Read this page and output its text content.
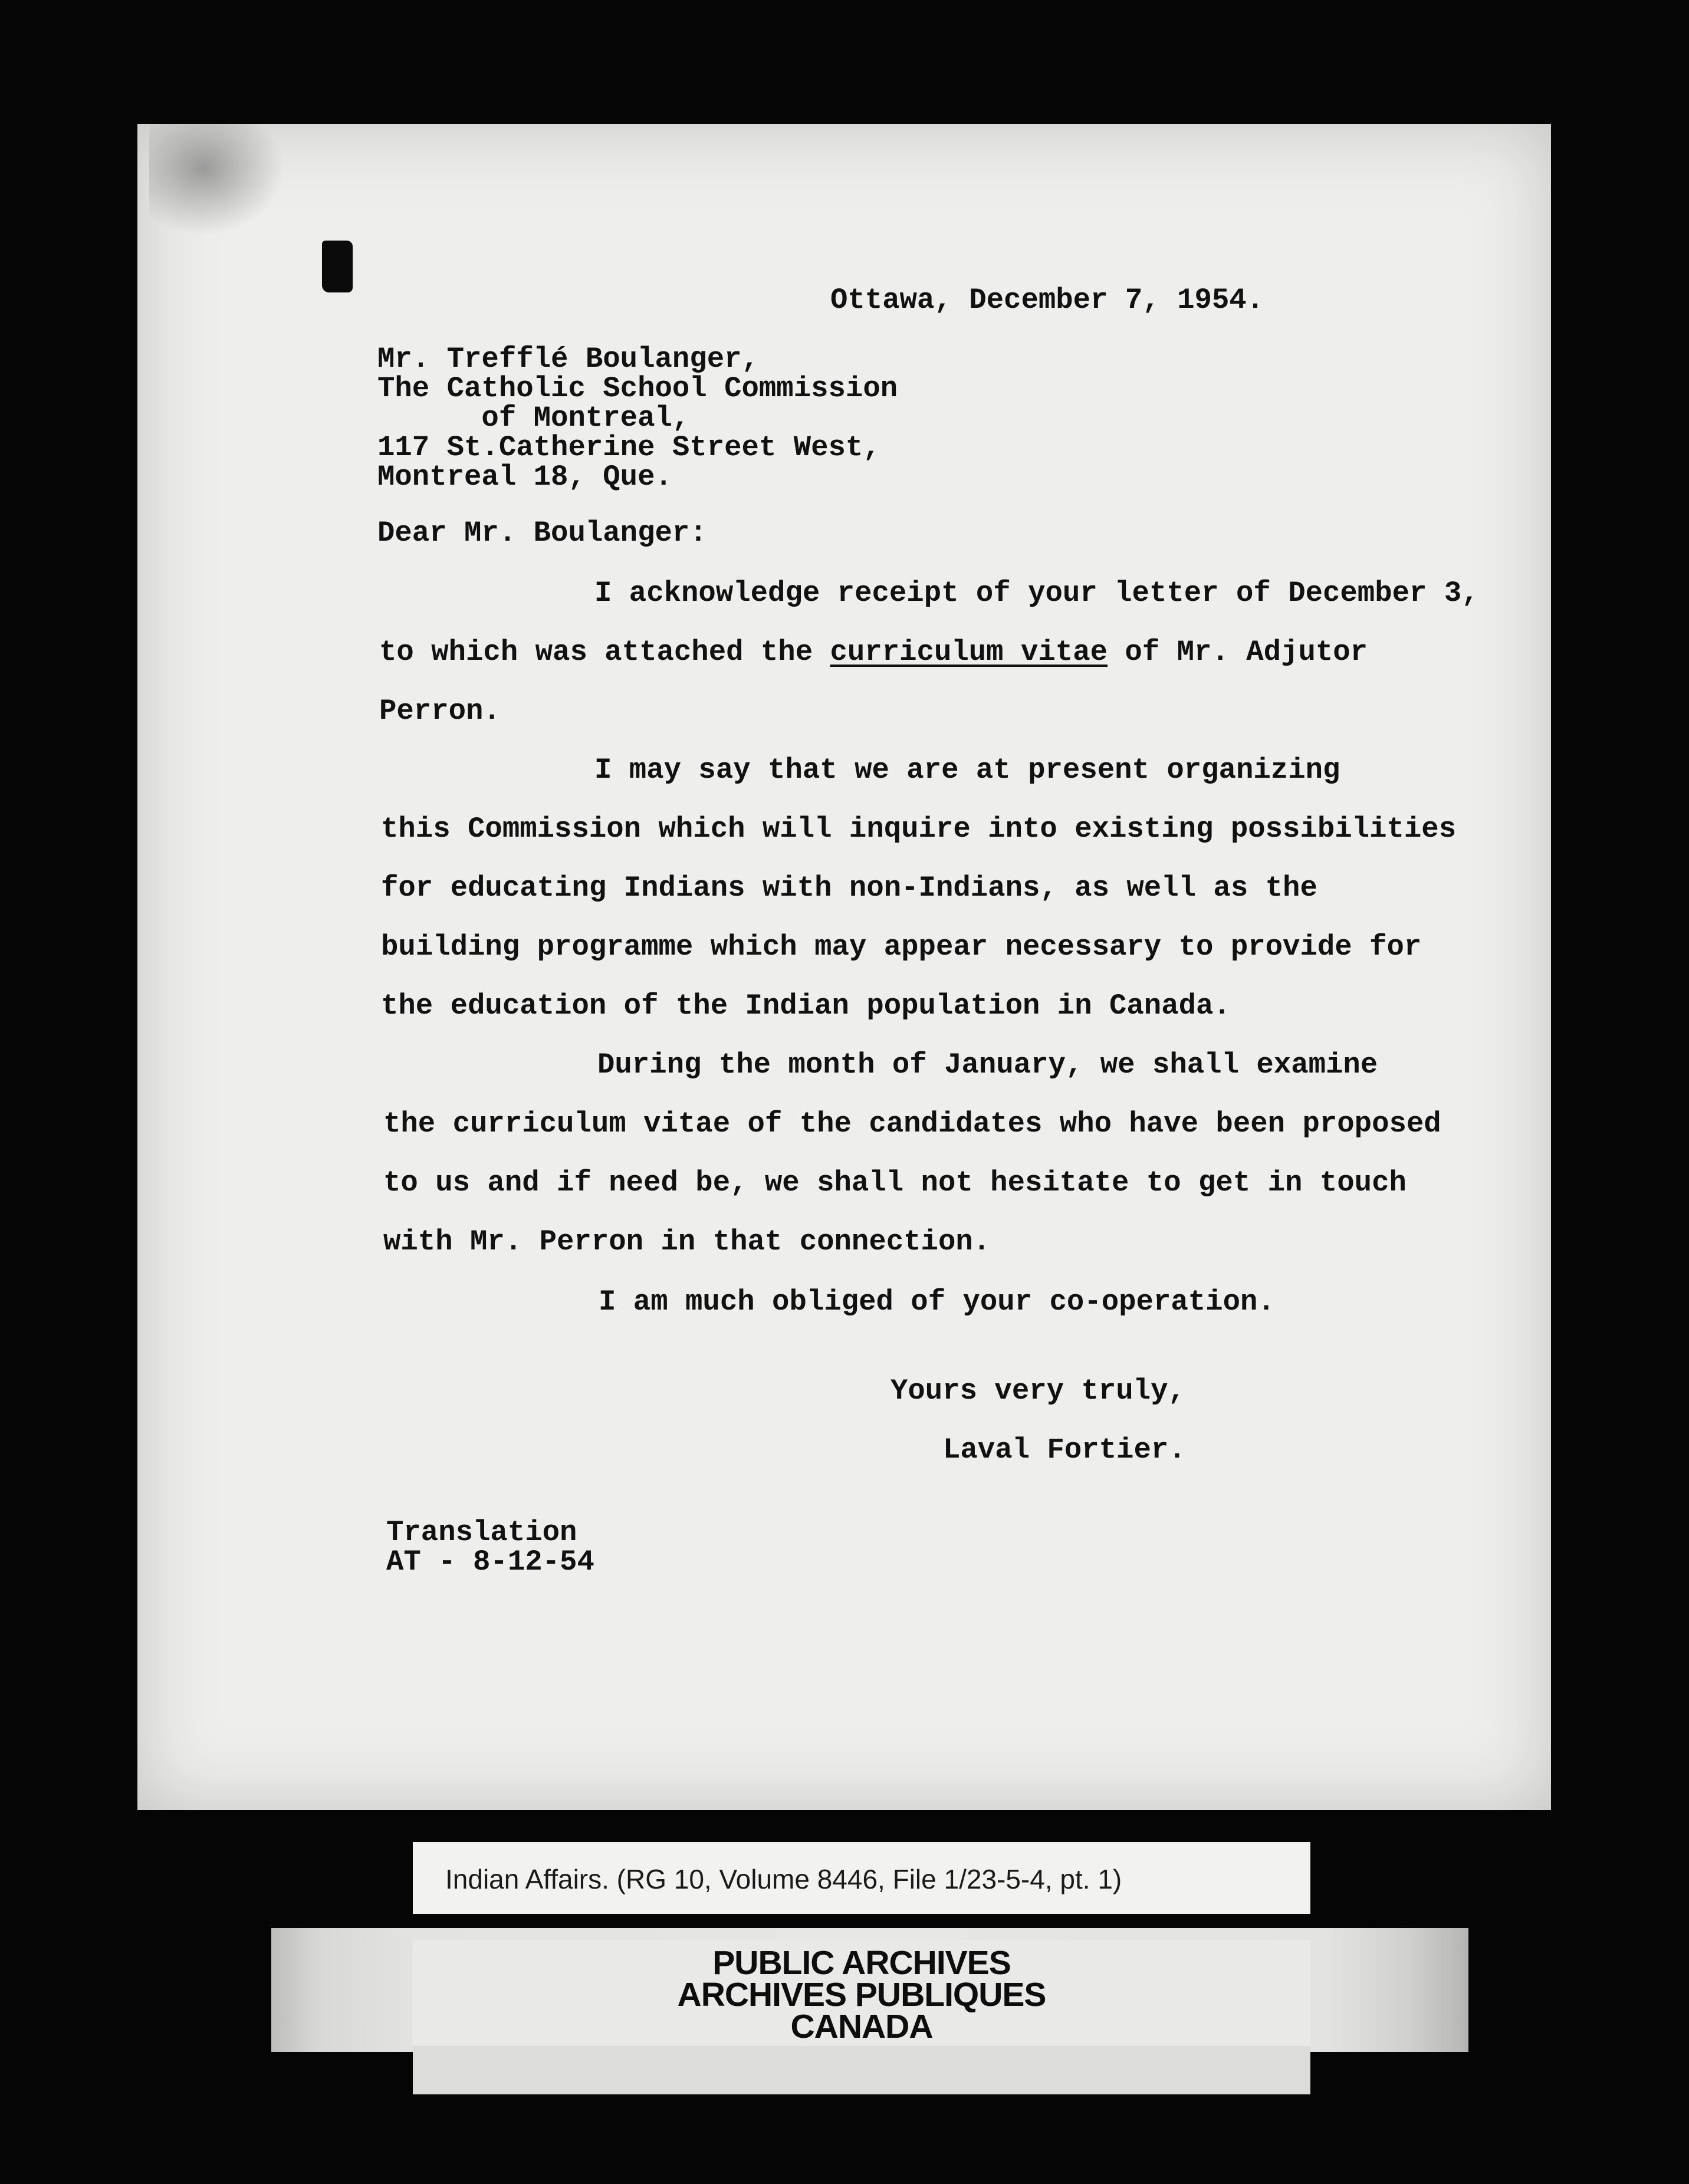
Ottawa, December 7, 1954.

Mr. Trefflé Boulanger,

The Catholic School Commission

of Montreal,

117 St.Catherine Street West,

Montreal 18, Que.

Dear Mr. Boulanger:

I acknowledge receipt of your letter of December 3,

to which was attached the curriculum vitae of Mr. Adjutor

Perron.

I may say that we are at present organizing

this Commission which will inquire into existing possibilities

for educating Indians with non-Indians, as well as the

building programme which may appear necessary to provide for

the education of the Indian population in Canada.

During the month of January, we shall examine

the curriculum vitae of the candidates who have been proposed

to us and if need be, we shall not hesitate to get in touch

with Mr. Perron in that connection.

I am much obliged of your co-operation.

Yours very truly,

Laval Fortier.

Translation

AT - 8-12-54

Indian Affairs. (RG 10, Volume 8446, File 1/23-5-4, pt. 1)
PUBLIC ARCHIVES
ARCHIVES PUBLIQUES
CANADA
